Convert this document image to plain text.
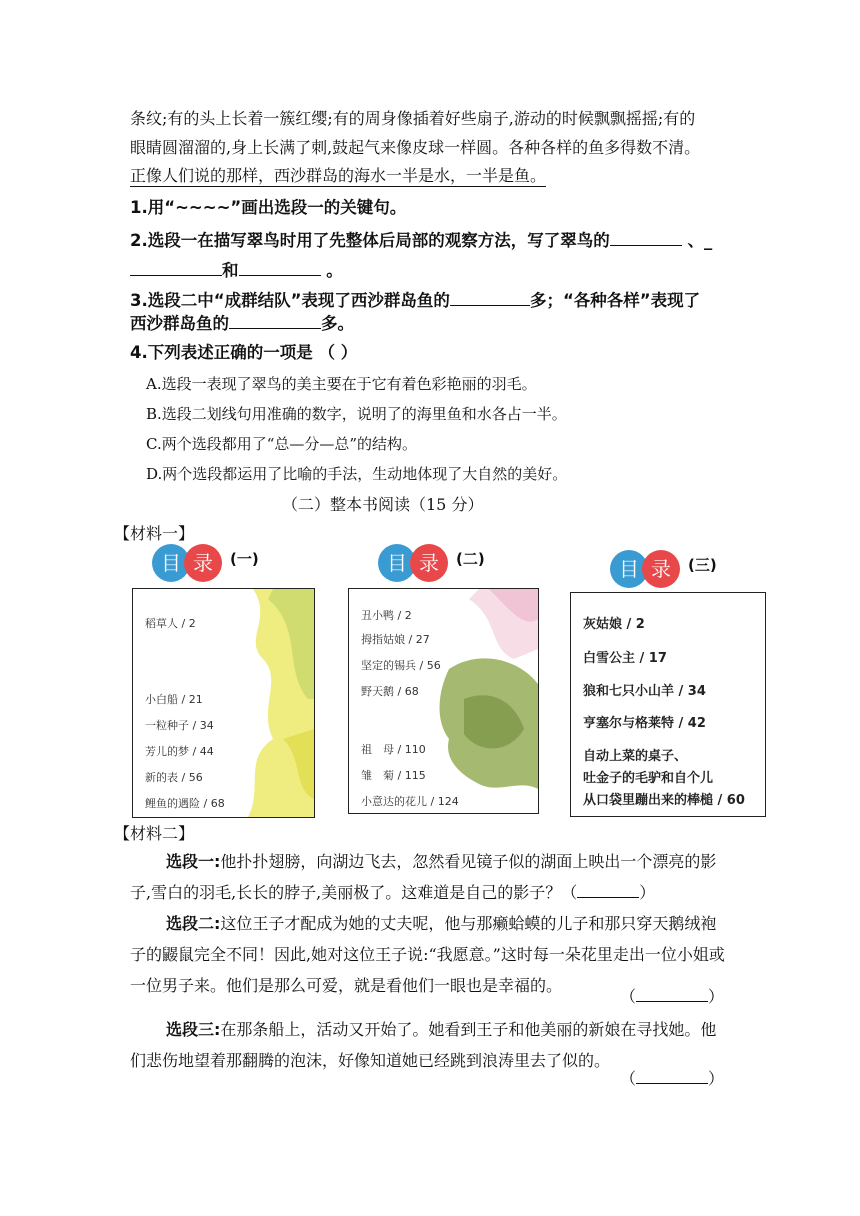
条纹;有的头上长着一簇红缨;有的周身像插着好些扇子,游动的时候飘飘摇摇;有的
眼睛圆溜溜的,身上长满了刺,鼓起气来像皮球一样圆。各种各样的鱼多得数不清。
正像人们说的那样，西沙群岛的海水一半是水，一半是鱼。
1.用“~~~~”画出选段一的关键句。
2.选段一在描写翠鸟时用了先整体后局部的观察方法，写了翠鸟的	、_
和	。
3.选段二中“成群结队”表现了西沙群岛鱼的	多；“各种各样”表现了
西沙群岛鱼的	多。
4.下列表述正确的一项是 （ ）
A.选段一表现了翠鸟的美主要在于它有着色彩艳丽的羽毛。
B.选段二划线句用准确的数字，说明了的海里鱼和水各占一半。
C.两个选段都用了“总—分—总”的结构。
D.两个选段都运用了比喻的手法，生动地体现了大自然的美好。
（二）整本书阅读（15 分）
【材料一】
目 录	(一)
稻草人 / 2
小白船 / 21
一粒种子 / 34
芳儿的梦 / 44
新的表 / 56
鲤鱼的遇险 / 68
目 录	(二)
丑小鸭 / 2
拇指姑娘 / 27
坚定的锡兵 / 56
野天鹅 / 68
祖　母 / 110
雏　菊 / 115
小意达的花儿 / 124
目 录	(三)
灰姑娘 / 2
白雪公主 / 17
狼和七只小山羊 / 34
亨塞尔与格莱特 / 42
自动上菜的桌子、
吐金子的毛驴和自个儿
从口袋里蹦出来的棒槌 / 60
【材料二】
选段一:他扑扑翅膀，向湖边飞去，忽然看见镜子似的湖面上映出一个漂亮的影子,雪白的羽毛,长长的脖子,美丽极了。这难道是自己的影子？（	）
选段二:这位王子才配成为她的丈夫呢，他与那癞蛤蟆的儿子和那只穿天鹅绒袍子的鼹鼠完全不同！因此,她对这位王子说:“我愿意。”这时每一朵花里走出一位小姐或一位男子来。他们是那么可爱，就是看他们一眼也是幸福的。
（	）
选段三:在那条船上，活动又开始了。她看到王子和他美丽的新娘在寻找她。他们悲伤地望着那翻腾的泡沫，好像知道她已经跳到浪涛里去了似的。
（	）
